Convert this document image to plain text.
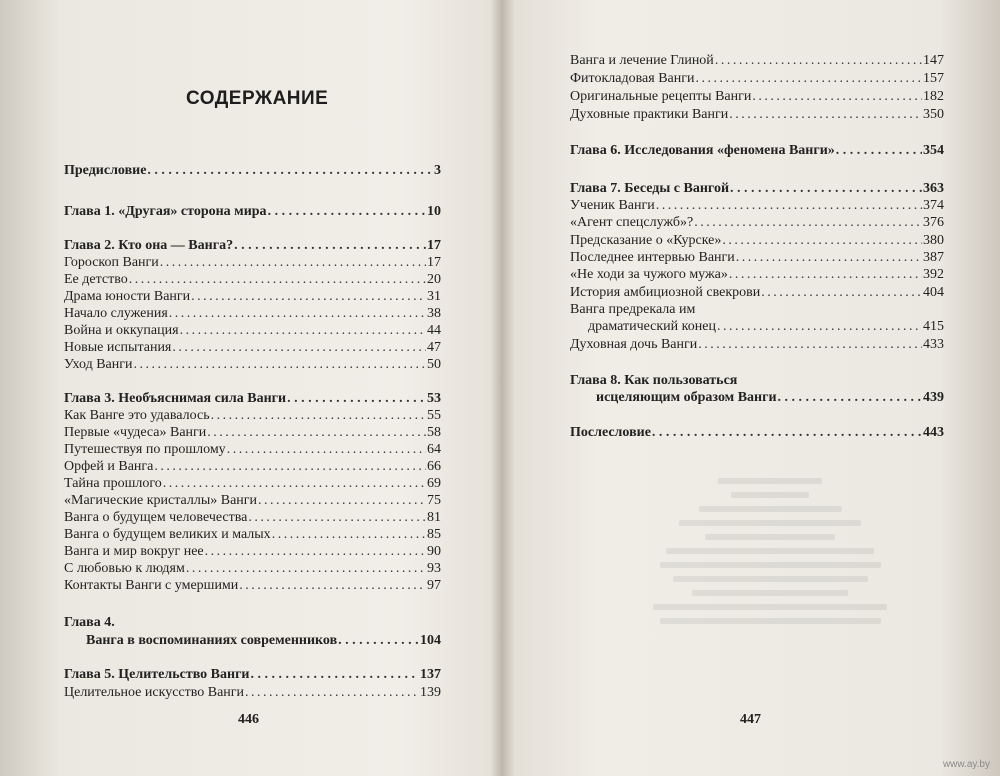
СОДЕРЖАНИЕ
Предисловие . . .	3
Глава 1. «Другая» сторона мира . . .	10
Глава 2. Кто она — Ванга? . . .	17
Гороскоп Ванги . . .	17
Ее детство . . .	20
Драма юности Ванги . . .	31
Начало служения . . .	38
Война и оккупация . . .	44
Новые испытания . . .	47
Уход Ванги . . .	50
Глава 3. Необъяснимая сила Ванги . . .	53
Как Ванге это удавалось . . .	55
Первые «чудеса» Ванги . . .	58
Путешествуя по прошлому . . .	64
Орфей и Ванга . . .	66
Тайна прошлого . . .	69
«Магические кристаллы» Ванги . . .	75
Ванга о будущем человечества . . .	81
Ванга о будущем великих и малых . . .	85
Ванга и мир вокруг нее . . .	90
С любовью к людям . . .	93
Контакты Ванги с умершими . . .	97
Глава 4.
Ванга в воспоминаниях современников . . .	104
Глава 5. Целительство Ванги . . .	137
Целительное искусство Ванги . . .	139
446
Ванга и лечение Глиной . . .	147
Фитокладовая Ванги . . .	157
Оригинальные рецепты Ванги . . .	182
Духовные практики Ванги . . .	350
Глава 6. Исследования «феномена Ванги» . . .	354
Глава 7. Беседы с Вангой . . .	363
Ученик Ванги . . .	374
«Агент спецслужб»? . . .	376
Предсказание о «Курске» . . .	380
Последнее интервью Ванги . . .	387
«Не ходи за чужого мужа» . . .	392
История амбициозной свекрови . . .	404
Ванга предрекала им
драматический конец . . .	415
Духовная дочь Ванги . . .	433
Глава 8. Как пользоваться
исцеляющим образом Ванги . . .	439
Послесловие . . .	443
447
www.ay.by
